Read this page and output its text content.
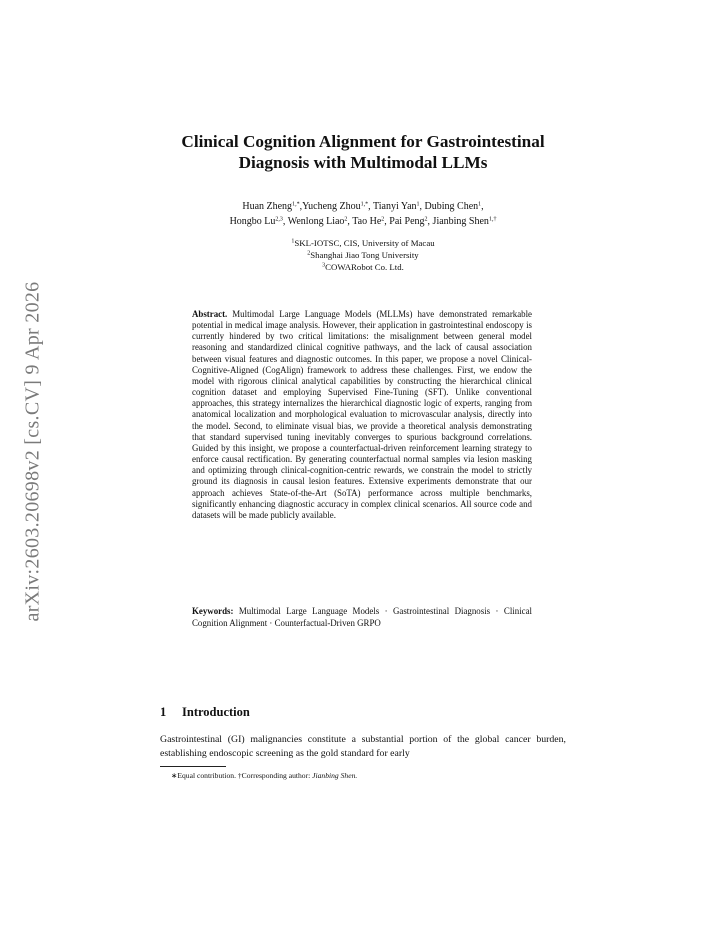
arXiv:2603.20698v2 [cs.CV] 9 Apr 2026
Clinical Cognition Alignment for Gastrointestinal
Diagnosis with Multimodal LLMs
Huan Zheng$^{1,*}$,Yucheng Zhou$^{1,*}$, Tianyi Yan$^1$, Dubing Chen$^1$,
Hongbo Lu$^{2,3}$, Wenlong Liao$^2$, Tao He$^2$, Pai Peng$^2$, Jianbing Shen$^{1,\dagger}$
$^1$SKL-IOTSC, CIS, University of Macau
$^2$Shanghai Jiao Tong University
$^3$COWARobot Co. Ltd.
Abstract. Multimodal Large Language Models (MLLMs) have demonstrated remarkable potential in medical image analysis. However, their application in gastrointestinal endoscopy is currently hindered by two critical limitations: the misalignment between general model reasoning and standardized clinical cognitive pathways, and the lack of causal association between visual features and diagnostic outcomes. In this paper, we propose a novel Clinical-Cognitive-Aligned (CogAlign) framework to address these challenges. First, we endow the model with rigorous clinical analytical capabilities by constructing the hierarchical clinical cognition dataset and employing Supervised Fine-Tuning (SFT). Unlike conventional approaches, this strategy internalizes the hierarchical diagnostic logic of experts, ranging from anatomical localization and morphological evaluation to microvascular analysis, directly into the model. Second, to eliminate visual bias, we provide a theoretical analysis demonstrating that standard supervised tuning inevitably converges to spurious background correlations. Guided by this insight, we propose a counterfactual-driven reinforcement learning strategy to enforce causal rectification. By generating counterfactual normal samples via lesion masking and optimizing through clinical-cognition-centric rewards, we constrain the model to strictly ground its diagnosis in causal lesion features. Extensive experiments demonstrate that our approach achieves State-of-the-Art (SoTA) performance across multiple benchmarks, significantly enhancing diagnostic accuracy in complex clinical scenarios. All source code and datasets will be made publicly available.
Keywords: Multimodal Large Language Models · Gastrointestinal Diagnosis · Clinical Cognition Alignment · Counterfactual-Driven GRPO
1 Introduction
Gastrointestinal (GI) malignancies constitute a substantial portion of the global cancer burden, establishing endoscopic screening as the gold standard for early
∗Equal contribution. †Corresponding author: Jianbing Shen.
